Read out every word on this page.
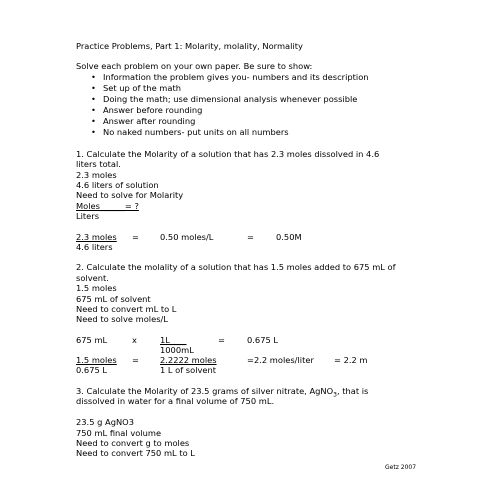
Practice Problems, Part 1: Molarity, molality, Normality
Solve each problem on your own paper. Be sure to show:
• Information the problem gives you- numbers and its description
• Set up of the math
• Doing the math; use dimensional analysis whenever possible
• Answer before rounding
• Answer after rounding
• No naked numbers- put units on all numbers
1. Calculate the Molarity of a solution that has 2.3 moles dissolved in 4.6
liters total.
2.3 moles
4.6 liters of solution
Need to solve for Molarity
Moles______= ?
Liters
2.3 moles =	0.50 moles/L	=	0.50M
4.6 liters
2. Calculate the molality of a solution that has 1.5 moles added to 675 mL of
solvent.
1.5 moles
675 mL of solvent
Need to convert mL to L
Need to solve moles/L
675 mL	x	1L____	=	0.675 L
1000mL
1.5 moles =	2.2222 moles	=2.2 moles/liter = 2.2 m
0.675 L	1 L of solvent
3. Calculate the Molarity of 23.5 grams of silver nitrate, AgNO$_3$, that is
dissolved in water for a final volume of 750 mL.
23.5 g AgNO3
750 mL final volume
Need to convert g to moles
Need to convert 750 mL to L
Getz 2007
